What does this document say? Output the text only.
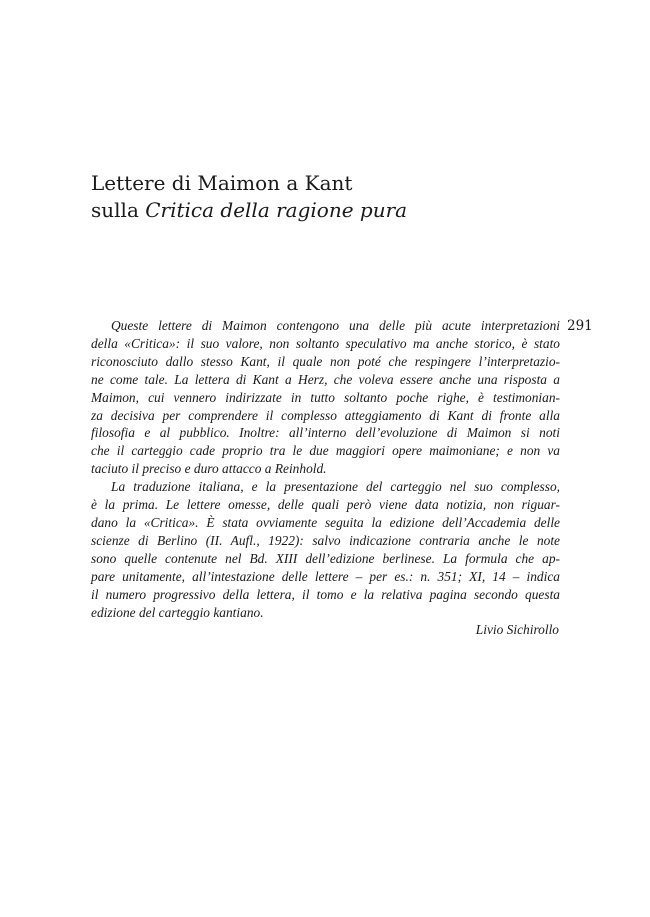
Lettere di Maimon a Kant
sulla Critica della ragione pura
291
Queste lettere di Maimon contengono una delle più acute interpretazioni
della «Critica»: il suo valore, non soltanto speculativo ma anche storico, è stato
riconosciuto dallo stesso Kant, il quale non poté che respingere l’interpretazio-
ne come tale. La lettera di Kant a Herz, che voleva essere anche una risposta a
Maimon, cui vennero indirizzate in tutto soltanto poche righe, è testimonian-
za decisiva per comprendere il complesso atteggiamento di Kant di fronte alla
filosofia e al pubblico. Inoltre: all’interno dell’evoluzione di Maimon si noti
che il carteggio cade proprio tra le due maggiori opere maimoniane; e non va
taciuto il preciso e duro attacco a Reinhold.
La traduzione italiana, e la presentazione del carteggio nel suo complesso,
è la prima. Le lettere omesse, delle quali però viene data notizia, non riguar-
dano la «Critica». È stata ovviamente seguita la edizione dell’Accademia delle
scienze di Berlino (II. Aufl., 1922): salvo indicazione contraria anche le note
sono quelle contenute nel Bd. XIII dell’edizione berlinese. La formula che ap-
pare unitamente, all’intestazione delle lettere – per es.: n. 351; XI, 14 – indica
il numero progressivo della lettera, il tomo e la relativa pagina secondo questa
edizione del carteggio kantiano.
Livio Sichirollo
